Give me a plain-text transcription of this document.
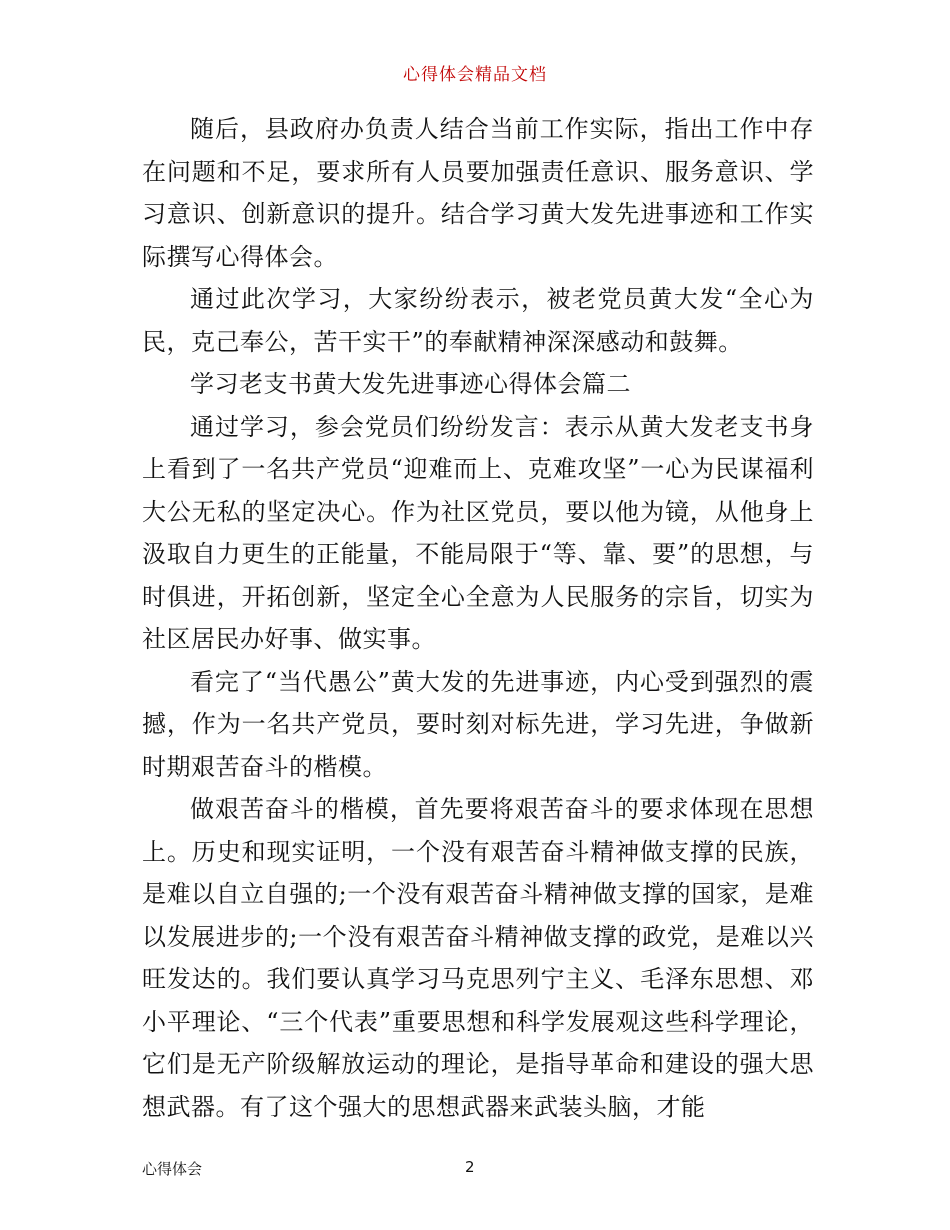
心得体会精品文档

随后，县政府办负责人结合当前工作实际，指出工作中存在问题和不足，要求所有人员要加强责任意识、服务意识、学习意识、创新意识的提升。结合学习黄大发先进事迹和工作实际撰写心得体会。

通过此次学习，大家纷纷表示，被老党员黄大发“全心为民，克己奉公，苦干实干”的奉献精神深深感动和鼓舞。

学习老支书黄大发先进事迹心得体会篇二

通过学习，参会党员们纷纷发言：表示从黄大发老支书身上看到了一名共产党员“迎难而上、克难攻坚”一心为民谋福利大公无私的坚定决心。作为社区党员，要以他为镜，从他身上汲取自力更生的正能量，不能局限于“等、靠、要”的思想，与时俱进，开拓创新，坚定全心全意为人民服务的宗旨，切实为社区居民办好事、做实事。

看完了“当代愚公”黄大发的先进事迹，内心受到强烈的震撼，作为一名共产党员，要时刻对标先进，学习先进，争做新时期艰苦奋斗的楷模。

做艰苦奋斗的楷模，首先要将艰苦奋斗的要求体现在思想上。历史和现实证明，一个没有艰苦奋斗精神做支撑的民族，是难以自立自强的;一个没有艰苦奋斗精神做支撑的国家，是难以发展进步的;一个没有艰苦奋斗精神做支撑的政党，是难以兴旺发达的。我们要认真学习马克思列宁主义、毛泽东思想、邓小平理论、“三个代表”重要思想和科学发展观这些科学理论，它们是无产阶级解放运动的理论，是指导革命和建设的强大思想武器。有了这个强大的思想武器来武装头脑，才能

心得体会	2
